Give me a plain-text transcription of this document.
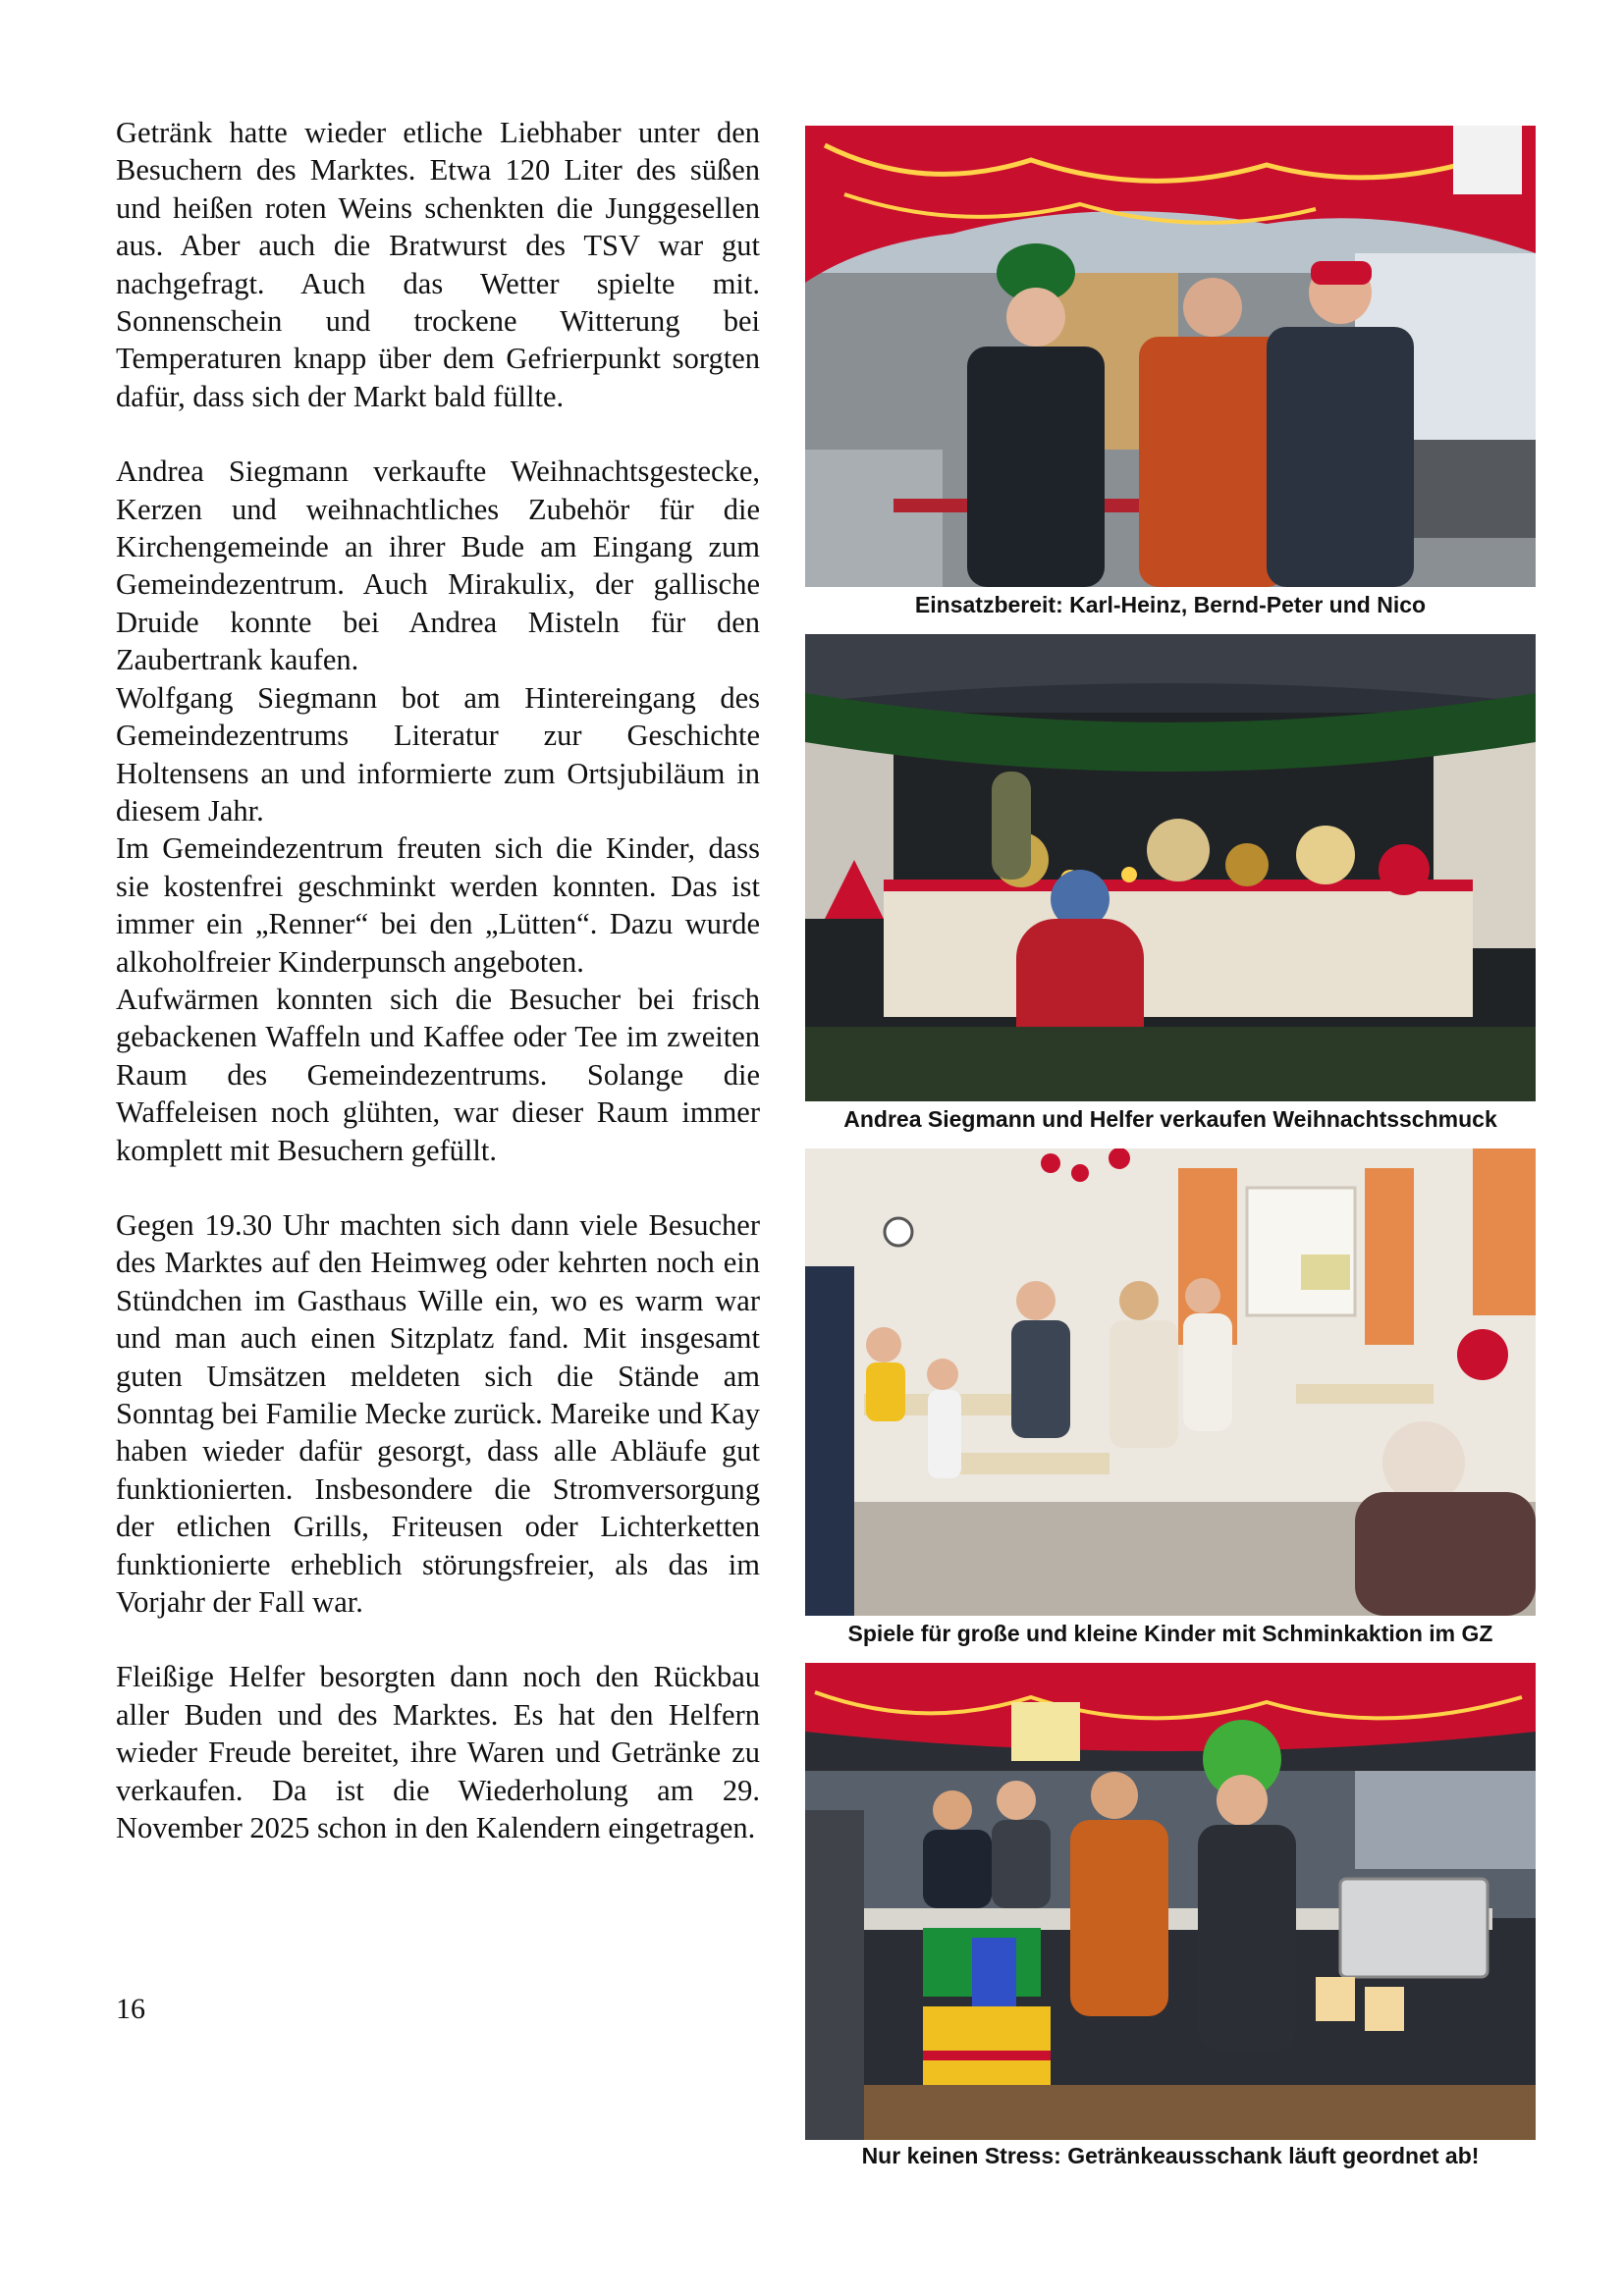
Getränk hatte wieder etliche Liebhaber unter den Besuchern des Marktes. Etwa 120 Liter des süßen und heißen roten Weins schenkten die Junggesellen aus. Aber auch die Bratwurst des TSV war gut nachgefragt. Auch das Wetter spielte mit. Sonnenschein und trockene Witterung bei Temperaturen knapp über dem Gefrierpunkt sorgten dafür, dass sich der Markt bald füllte.

Andrea Siegmann verkaufte Weihnachtsgestecke, Kerzen und weihnachtliches Zubehör für die Kirchengemeinde an ihrer Bude am Eingang zum Gemeindezentrum. Auch Mirakulix, der gallische Druide konnte bei Andrea Misteln für den Zaubertrank kaufen.

Wolfgang Siegmann bot am Hintereingang des Gemeindezentrums Literatur zur Geschichte Holtensens an und informierte zum Ortsjubiläum in diesem Jahr.

Im Gemeindezentrum freuten sich die Kinder, dass sie kostenfrei geschminkt werden konnten. Das ist immer ein „Renner“ bei den „Lütten“. Dazu wurde alkoholfreier Kinderpunsch angeboten.

Aufwärmen konnten sich die Besucher bei frisch gebackenen Waffeln und Kaffee oder Tee im zweiten Raum des Gemeindezentrums. Solange die Waffeleisen noch glühten, war dieser Raum immer komplett mit Besuchern gefüllt.

Gegen 19.30 Uhr machten sich dann viele Besucher des Marktes auf den Heimweg oder kehrten noch ein Stündchen im Gasthaus Wille ein, wo es warm war und man auch einen Sitzplatz fand. Mit insgesamt guten Umsätzen meldeten sich die Stände am Sonntag bei Familie Mecke zurück. Mareike und Kay haben wieder dafür gesorgt, dass alle Abläufe gut funktionierten. Insbesondere die Stromversorgung der etlichen Grills, Friteusen oder Lichterketten funktionierte erheblich störungsfreier, als das im Vorjahr der Fall war.

Fleißige Helfer besorgten dann noch den Rückbau aller Buden und des Marktes. Es hat den Helfern wieder Freude bereitet, ihre Waren und Getränke zu verkaufen. Da ist die Wiederholung am 29. November 2025 schon in den Kalendern eingetragen.

16
Einsatzbereit: Karl-Heinz, Bernd-Peter und Nico
Andrea Siegmann und Helfer verkaufen Weihnachtsschmuck
Spiele für große und kleine Kinder mit Schminkaktion im GZ
Nur keinen Stress: Getränkeausschank läuft geordnet ab!
